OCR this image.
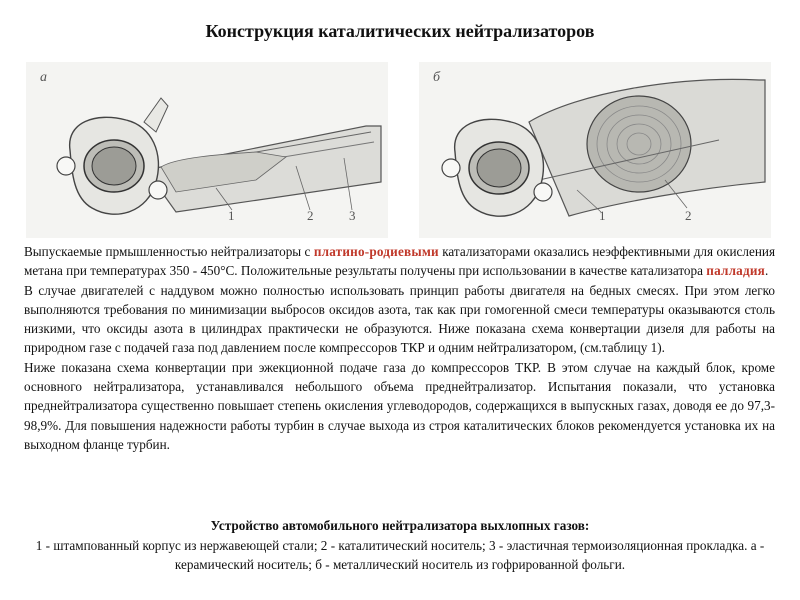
Конструкция каталитических нейтрализаторов
а
1	2	3
б
1	2

Выпускаемые прмышленностью нейтрализаторы с платино-родиевыми катализаторами оказались неэффективными для окисления метана при температурах 350 - 450°С. Положительные результаты получены при использовании в качестве катализатора палладия.

В случае двигателей с наддувом можно полностью использовать принцип работы двигателя на бедных смесях. При этом легко выполняются требования по минимизации выбросов оксидов азота, так как при гомогенной смеси температуры оказываются столь низкими, что оксиды азота в цилиндрах практически не образуются. Ниже показана схема конвертации дизеля для работы на природном газе с подачей газа под давлением после компрессоров ТКР и одним нейтрализатором, (см.таблицу 1).

Ниже показана схема конвертации при эжекционной подаче газа до компрессоров ТКР. В этом случае на каждый блок, кроме основного нейтрализатора, устанавливался небольшого объема преднейтрализатор. Испытания показали, что установка преднейтрализатора существенно повышает степень окисления углеводородов, содержащихся в выпускных газах, доводя ее до 97,3-98,9%. Для повышения надежности работы турбин в случае выхода из строя каталитических блоков рекомендуется установка их на выходном фланце турбин.

Устройство автомобильного нейтрализатора выхлопных газов:
1 - штампованный корпус из нержавеющей стали; 2 - каталитический носитель; 3 - эластичная термоизоляционная прокладка. а - керамический носитель; б - металлический носитель из гофрированной фольги.
